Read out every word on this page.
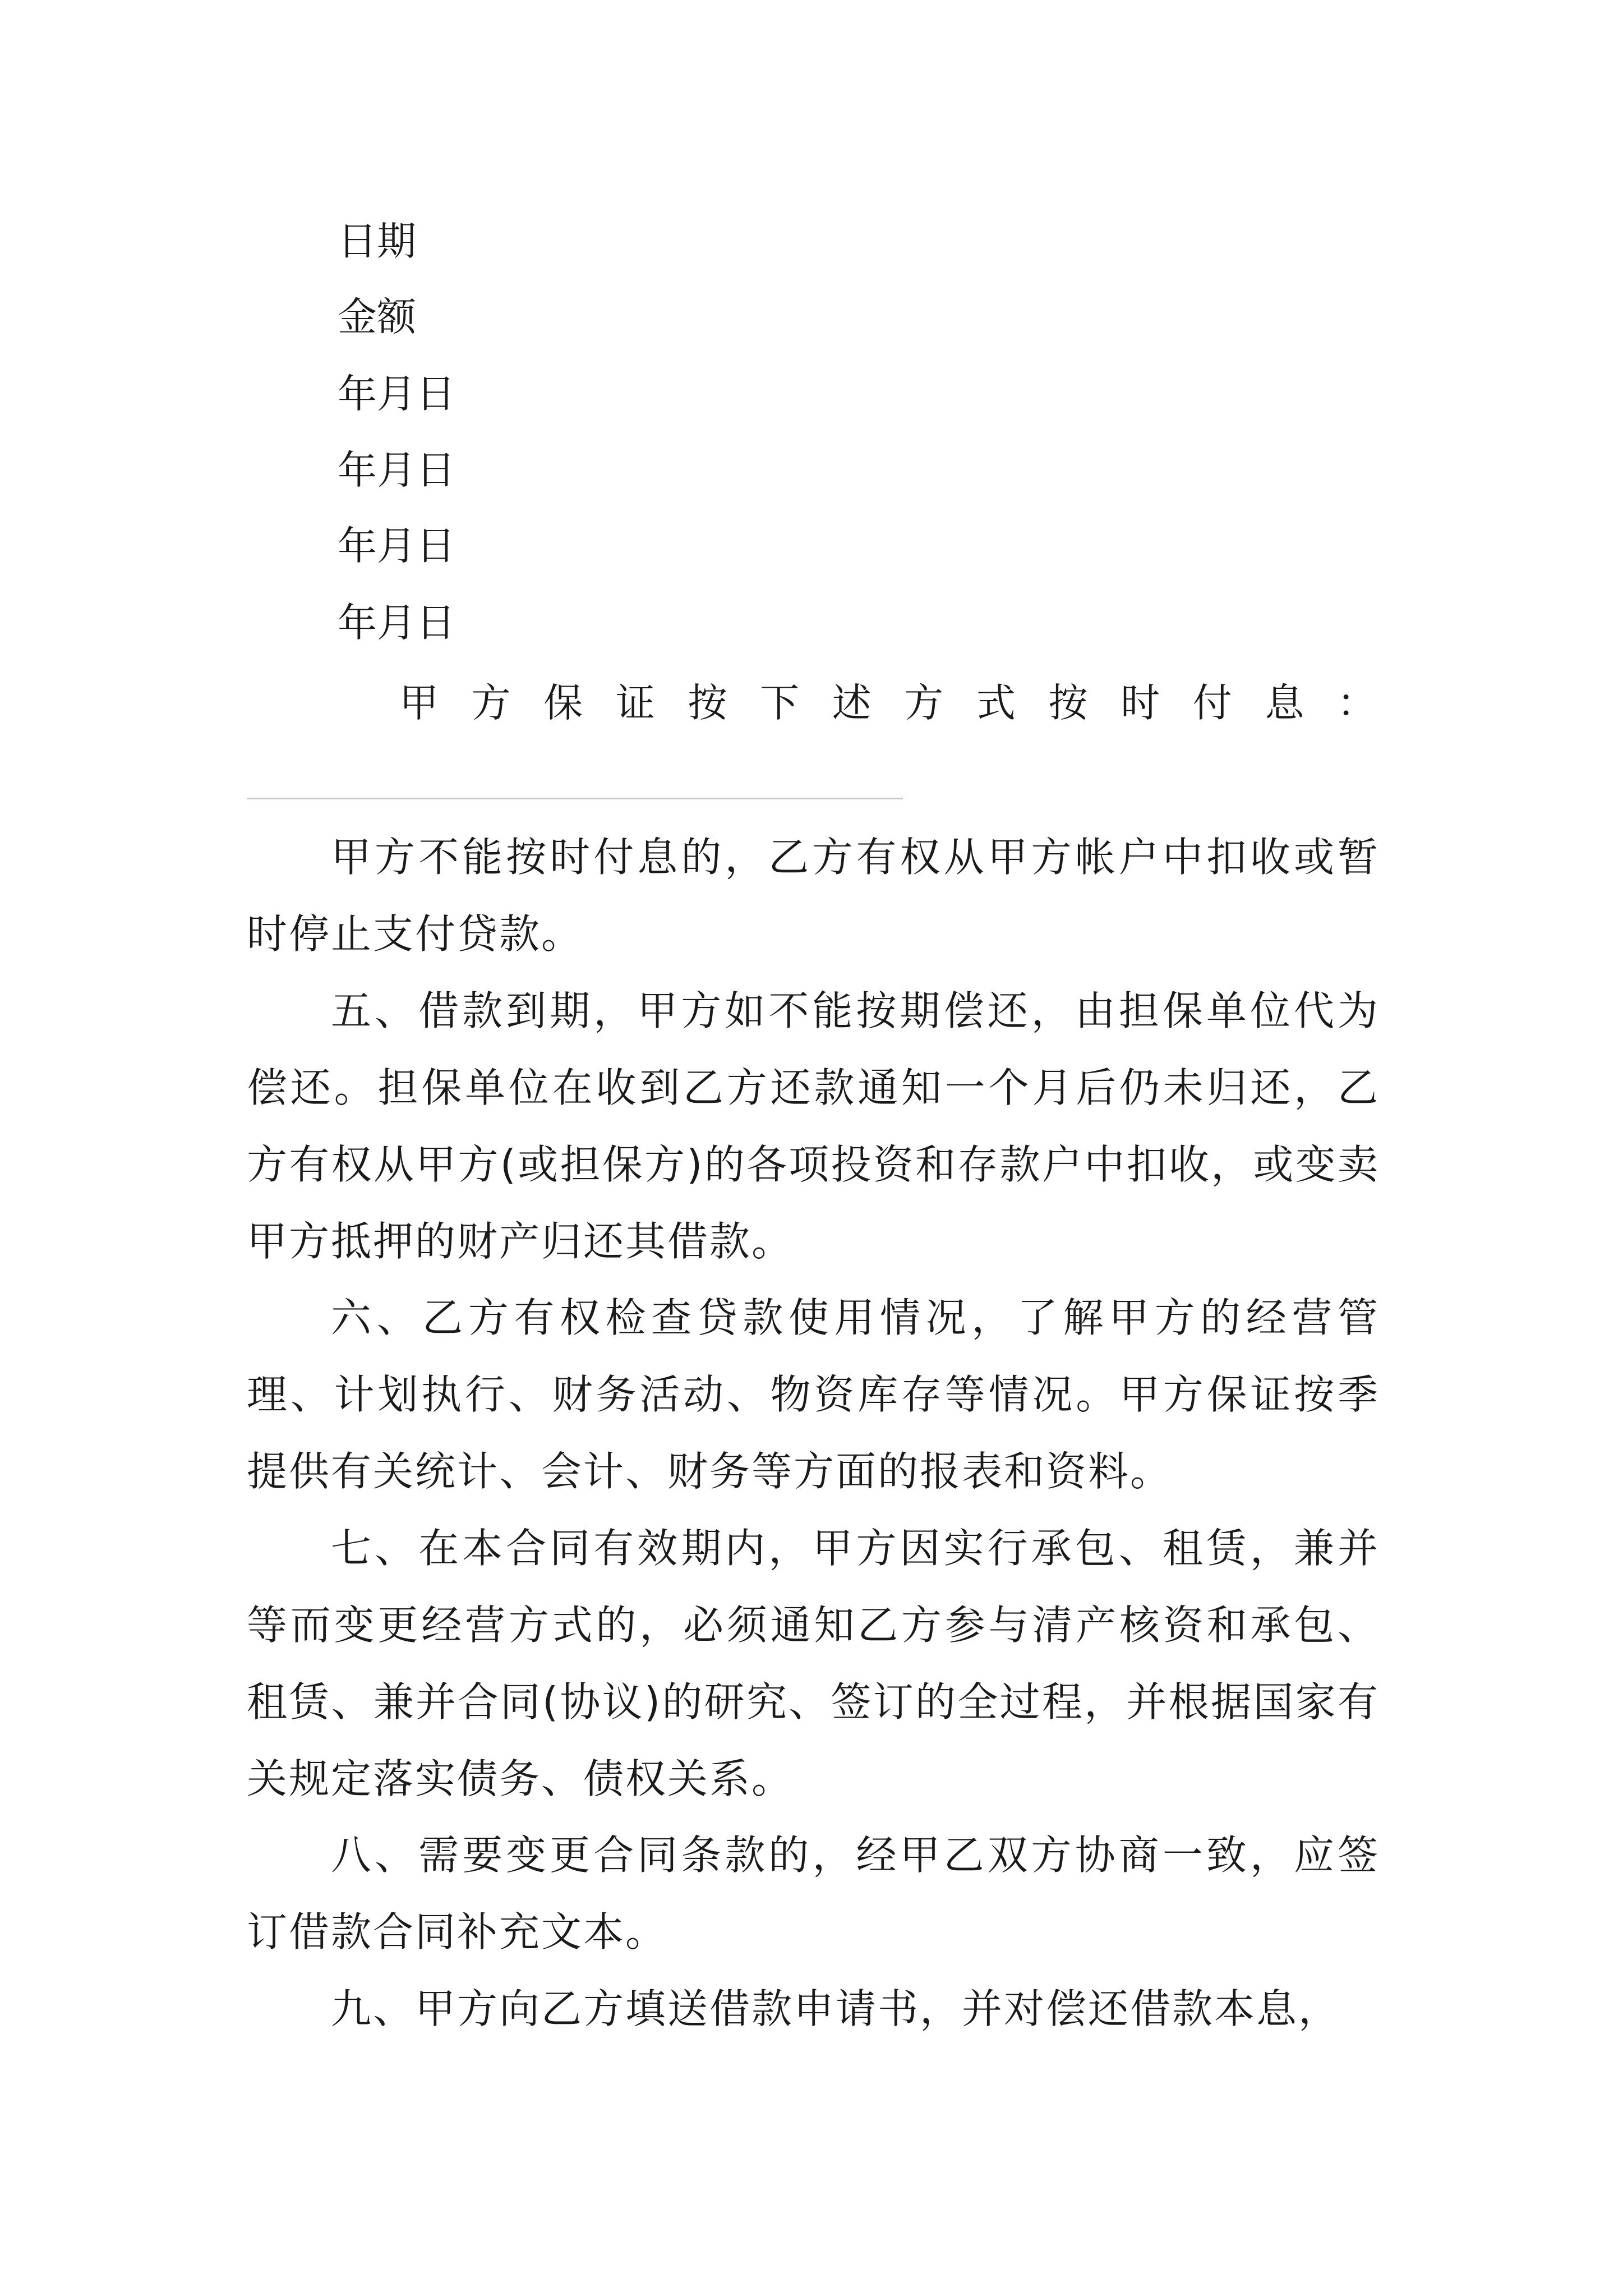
日期
金额
年月日
年月日
年月日
年月日
甲 方 保 证 按 下 述 方 式 按 时 付 息 ：

甲方不能按时付息的，乙方有权从甲方帐户中扣收或暂时停止支付贷款。

五、借款到期，甲方如不能按期偿还，由担保单位代为偿还。担保单位在收到乙方还款通知一个月后仍未归还，乙方有权从甲方(或担保方)的各项投资和存款户中扣收，或变卖甲方抵押的财产归还其借款。

六、乙方有权检查贷款使用情况，了解甲方的经营管理、计划执行、财务活动、物资库存等情况。甲方保证按季提供有关统计、会计、财务等方面的报表和资料。

七、在本合同有效期内，甲方因实行承包、租赁，兼并等而变更经营方式的，必须通知乙方参与清产核资和承包、租赁、兼并合同(协议)的研究、签订的全过程，并根据国家有关规定落实债务、债权关系。

八、需要变更合同条款的，经甲乙双方协商一致，应签订借款合同补充文本。

九、甲方向乙方填送借款申请书，并对偿还借款本息，
